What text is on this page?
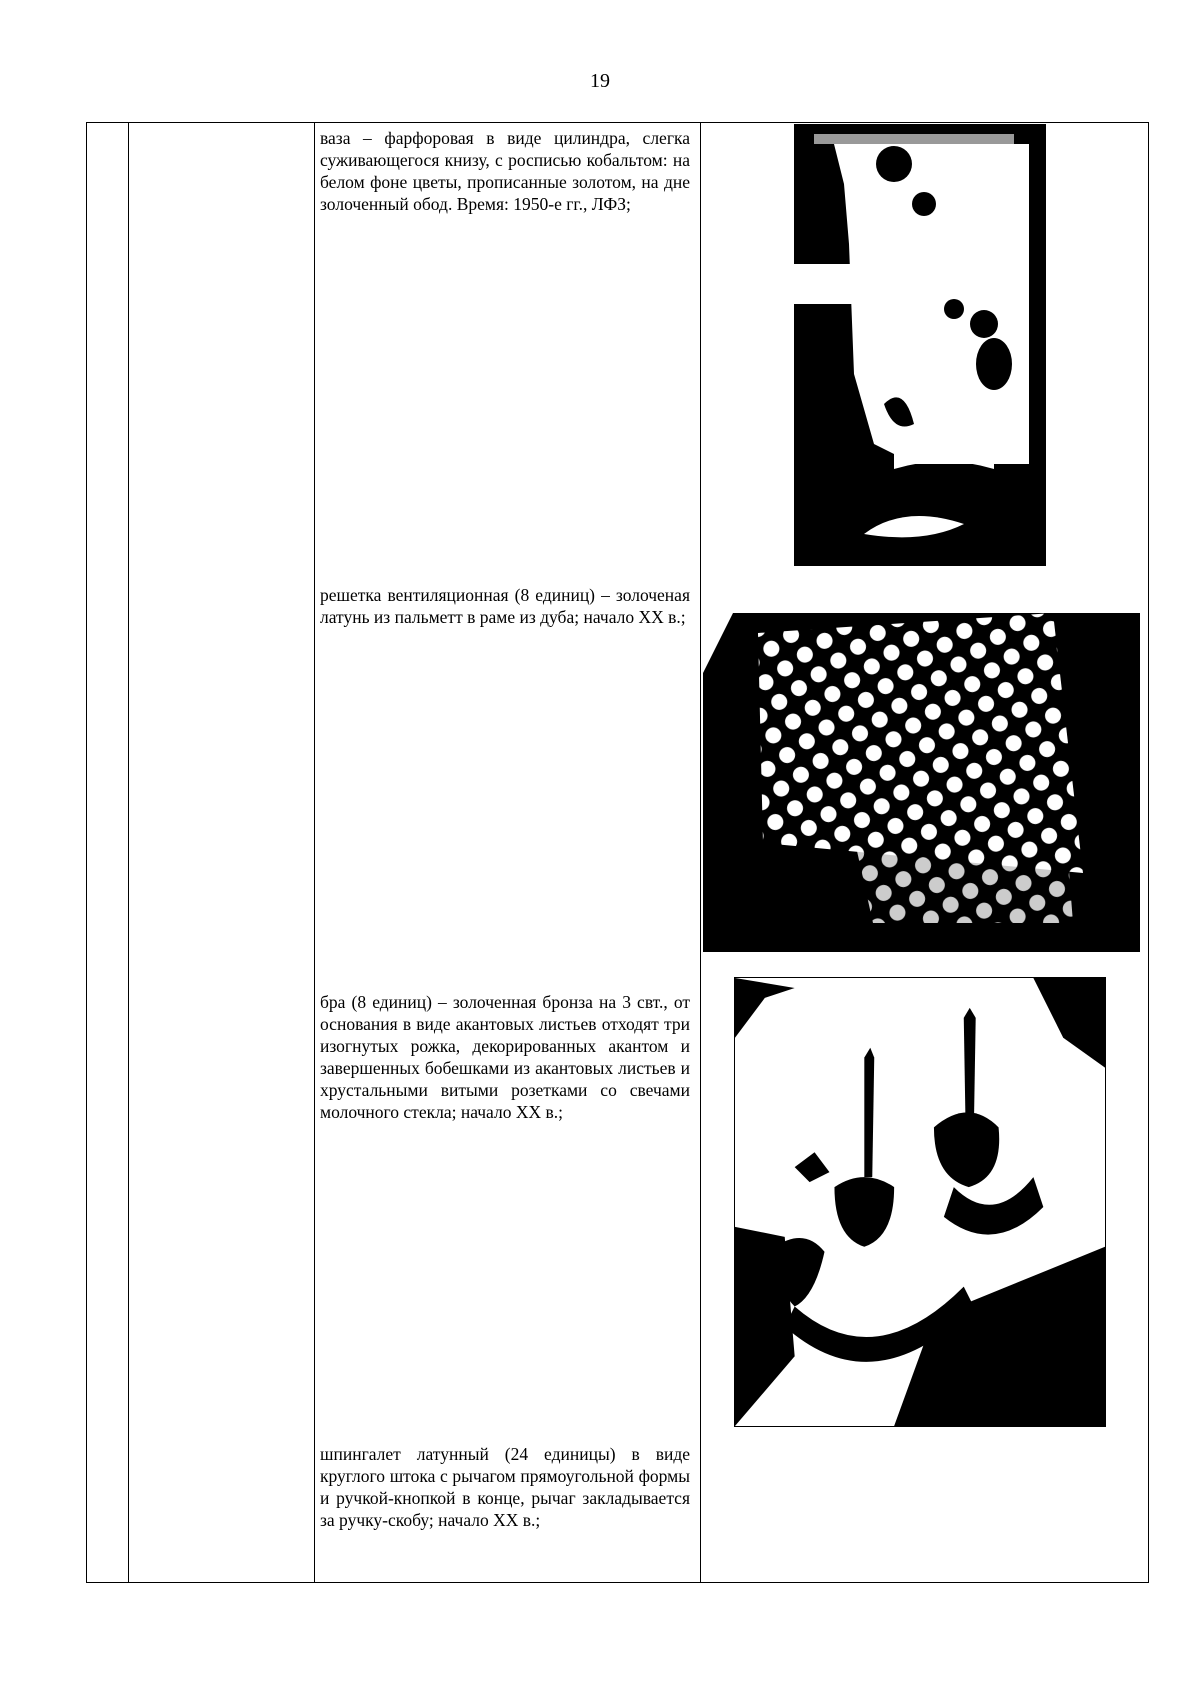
19
ваза – фарфоровая в виде цилиндра, слегка суживающегося книзу, с росписью кобальтом: на белом фоне цветы, прописанные золотом, на дне золоченный обод. Время: 1950-е гг., ЛФЗ;
решетка вентиляционная (8 единиц) – золоченая латунь из пальметт в раме из дуба; начало XX в.;
бра (8 единиц) – золоченная бронза на 3 свт., от основания в виде акантовых листьев отходят три изогнутых рожка, декорированных акантом и завершенных бобешками из акантовых листьев и хрустальными витыми розетками со свечами молочного стекла; начало XX в.;
шпингалет латунный (24 единицы) в виде круглого штока с рычагом прямоугольной формы и ручкой-кнопкой в конце, рычаг закладывается за ручку-скобу; начало XX в.;
